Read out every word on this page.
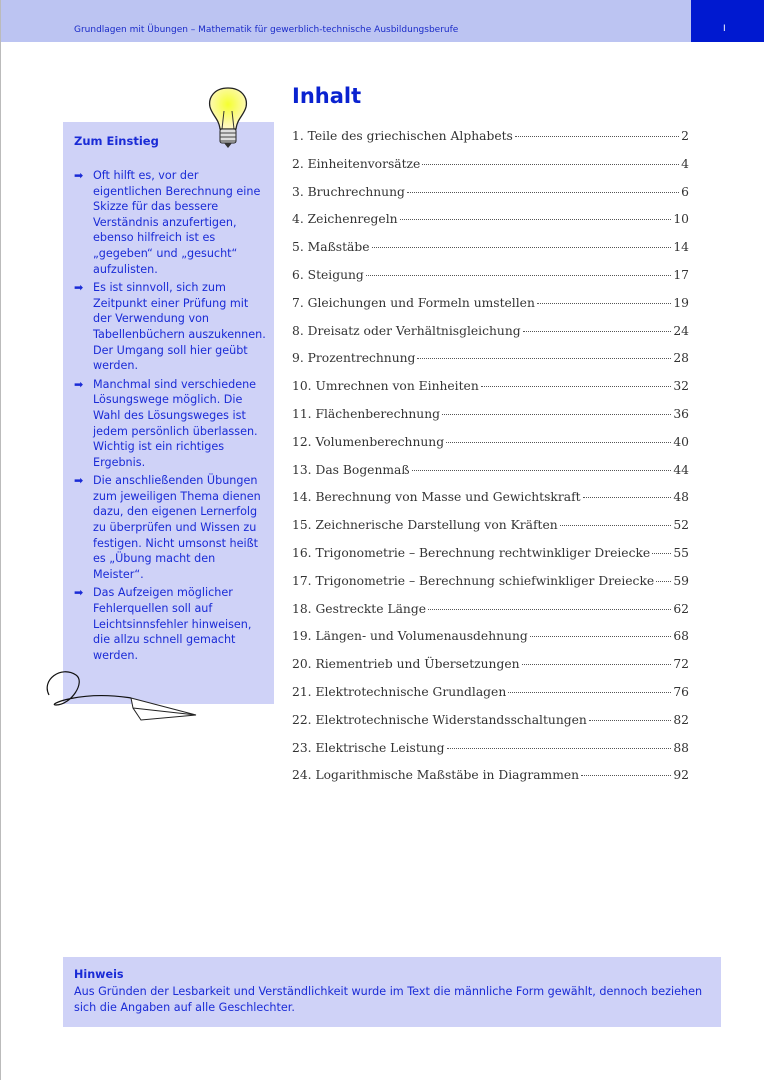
Grundlagen mit Übungen – Mathematik für gewerblich-technische Ausbildungsberufe	I
Zum Einstieg
➡ Oft hilft es, vor der eigentlichen Berechnung eine Skizze für das bessere Verständnis anzufertigen, ebenso hilfreich ist es „gegeben“ und „gesucht“ aufzulisten.
➡ Es ist sinnvoll, sich zum Zeitpunkt einer Prüfung mit der Verwendung von Tabellenbüchern auszukennen. Der Umgang soll hier geübt werden.
➡ Manchmal sind verschiedene Lösungswege möglich. Die Wahl des Lösungsweges ist jedem persönlich überlassen. Wichtig ist ein richtiges Ergebnis.
➡ Die anschließenden Übungen zum jeweiligen Thema dienen dazu, den eigenen Lernerfolg zu überprüfen und Wissen zu festigen. Nicht umsonst heißt es „Übung macht den Meister“.
➡ Das Aufzeigen möglicher Fehlerquellen soll auf Leichtsinnsfehler hinweisen, die allzu schnell gemacht werden.
Inhalt
1. Teile des griechischen Alphabets	2
2. Einheitenvorsätze	4
3. Bruchrechnung	6
4. Zeichenregeln	10
5. Maßstäbe	14
6. Steigung	17
7. Gleichungen und Formeln umstellen	19
8. Dreisatz oder Verhältnisgleichung	24
9. Prozentrechnung	28
10. Umrechnen von Einheiten	32
11. Flächenberechnung	36
12. Volumenberechnung	40
13. Das Bogenmaß	44
14. Berechnung von Masse und Gewichtskraft	48
15. Zeichnerische Darstellung von Kräften	52
16. Trigonometrie – Berechnung rechtwinkliger Dreiecke 55
17. Trigonometrie – Berechnung schiefwinkliger Dreiecke 59
18. Gestreckte Länge	62
19. Längen- und Volumenausdehnung	68
20. Riementrieb und Übersetzungen	72
21. Elektrotechnische Grundlagen	76
22. Elektrotechnische Widerstandsschaltungen	82
23. Elektrische Leistung	88
24. Logarithmische Maßstäbe in Diagrammen	92
Hinweis

Aus Gründen der Lesbarkeit und Verständlichkeit wurde im Text die männliche Form gewählt, dennoch beziehen sich die Angaben auf alle Geschlechter.
